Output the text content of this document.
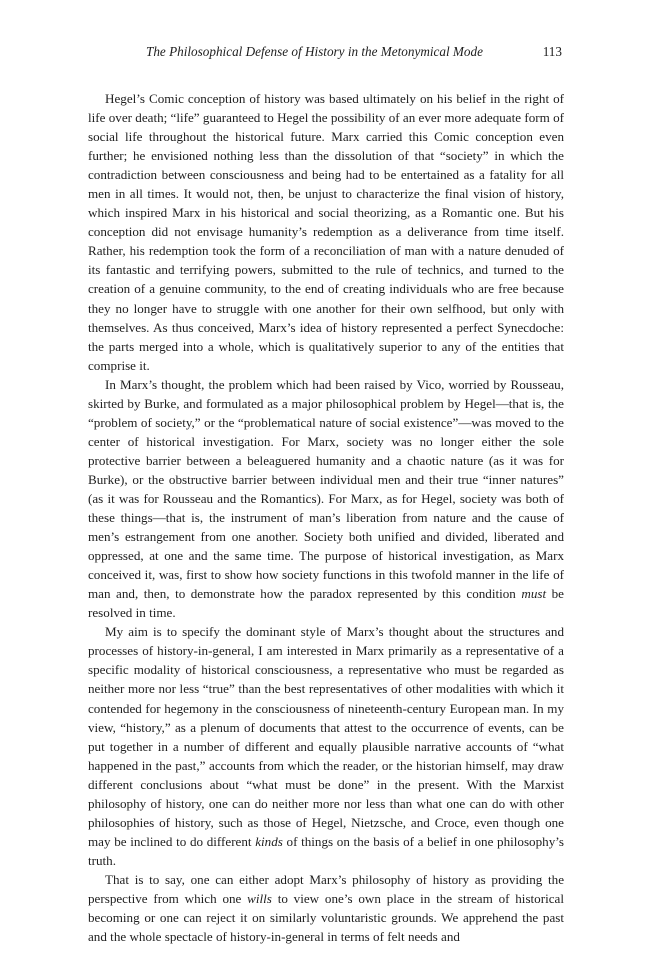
The Philosophical Defense of History in the Metonymical Mode	113

Hegel’s Comic conception of history was based ultimately on his belief in the right of life over death; “life” guaranteed to Hegel the possibility of an ever more adequate form of social life throughout the historical future. Marx carried this Comic conception even further; he envisioned nothing less than the dissolution of that “society” in which the contradiction between consciousness and being had to be entertained as a fatality for all men in all times. It would not, then, be unjust to characterize the final vision of history, which inspired Marx in his historical and social theorizing, as a Romantic one. But his conception did not envisage humanity’s redemption as a deliverance from time itself. Rather, his redemption took the form of a reconciliation of man with a nature denuded of its fantastic and terrifying powers, submitted to the rule of technics, and turned to the creation of a genuine community, to the end of creating individuals who are free because they no longer have to struggle with one another for their own selfhood, but only with themselves. As thus conceived, Marx’s idea of history represented a perfect Synecdoche: the parts merged into a whole, which is qualitatively superior to any of the entities that comprise it.

In Marx’s thought, the problem which had been raised by Vico, worried by Rousseau, skirted by Burke, and formulated as a major philosophical problem by Hegel—that is, the “problem of society,” or the “problematical nature of social existence”—was moved to the center of historical investigation. For Marx, society was no longer either the sole protective barrier between a beleaguered humanity and a chaotic nature (as it was for Burke), or the obstructive barrier between individual men and their true “inner natures” (as it was for Rousseau and the Romantics). For Marx, as for Hegel, society was both of these things—that is, the instrument of man’s liberation from nature and the cause of men’s estrangement from one another. Society both unified and divided, liberated and oppressed, at one and the same time. The purpose of historical investigation, as Marx conceived it, was, first to show how society functions in this twofold manner in the life of man and, then, to demonstrate how the paradox represented by this condition must be resolved in time.

My aim is to specify the dominant style of Marx’s thought about the structures and processes of history-in-general, I am interested in Marx primarily as a representative of a specific modality of historical consciousness, a representative who must be regarded as neither more nor less “true” than the best representatives of other modalities with which it contended for hegemony in the consciousness of nineteenth-century European man. In my view, “history,” as a plenum of documents that attest to the occurrence of events, can be put together in a number of different and equally plausible narrative accounts of “what happened in the past,” accounts from which the reader, or the historian himself, may draw different conclusions about “what must be done” in the present. With the Marxist philosophy of history, one can do neither more nor less than what one can do with other philosophies of history, such as those of Hegel, Nietzsche, and Croce, even though one may be inclined to do different kinds of things on the basis of a belief in one philosophy’s truth.

That is to say, one can either adopt Marx’s philosophy of history as providing the perspective from which one wills to view one’s own place in the stream of historical becoming or one can reject it on similarly voluntaristic grounds. We apprehend the past and the whole spectacle of history-in-general in terms of felt needs and
